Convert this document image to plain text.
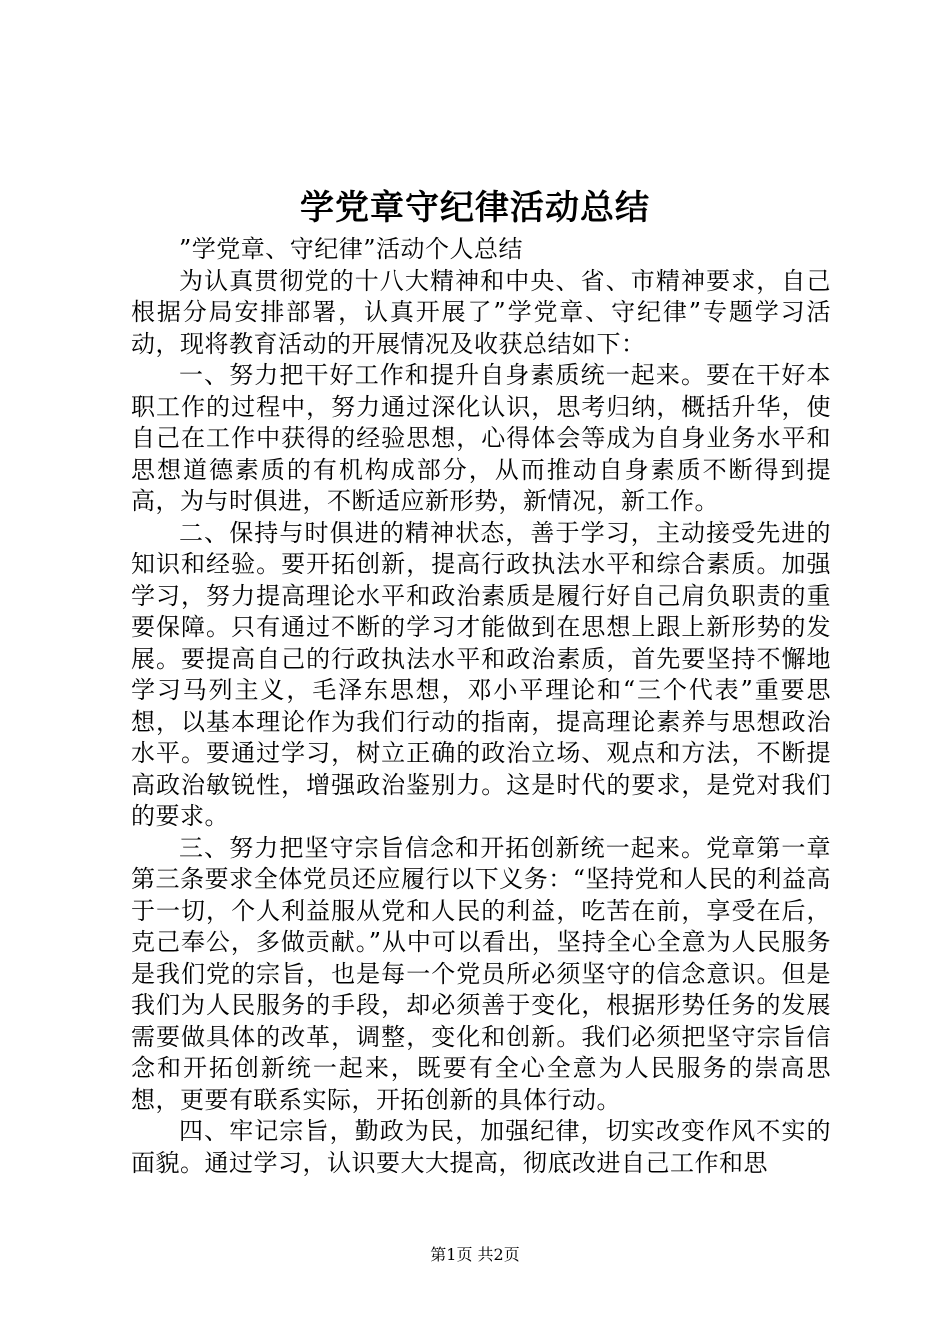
学党章守纪律活动总结

”学党章、守纪律”活动个人总结

为认真贯彻党的十八大精神和中央、省、市精神要求，自己根据分局安排部署，认真开展了”学党章、守纪律”专题学习活动，现将教育活动的开展情况及收获总结如下：

一、努力把干好工作和提升自身素质统一起来。要在干好本职工作的过程中，努力通过深化认识，思考归纳，概括升华，使自己在工作中获得的经验思想，心得体会等成为自身业务水平和思想道德素质的有机构成部分，从而推动自身素质不断得到提高，为与时俱进，不断适应新形势，新情况，新工作。

二、保持与时俱进的精神状态，善于学习，主动接受先进的知识和经验。要开拓创新，提高行政执法水平和综合素质。加强学习，努力提高理论水平和政治素质是履行好自己肩负职责的重要保障。只有通过不断的学习才能做到在思想上跟上新形势的发展。要提高自己的行政执法水平和政治素质，首先要坚持不懈地学习马列主义，毛泽东思想，邓小平理论和“三个代表”重要思想，以基本理论作为我们行动的指南，提高理论素养与思想政治水平。要通过学习，树立正确的政治立场、观点和方法，不断提高政治敏锐性，增强政治鉴别力。这是时代的要求，是党对我们的要求。

三、努力把坚守宗旨信念和开拓创新统一起来。党章第一章第三条要求全体党员还应履行以下义务：“坚持党和人民的利益高于一切，个人利益服从党和人民的利益，吃苦在前，享受在后，克己奉公，多做贡献。”从中可以看出，坚持全心全意为人民服务是我们党的宗旨，也是每一个党员所必须坚守的信念意识。但是我们为人民服务的手段，却必须善于变化，根据形势任务的发展需要做具体的改革，调整，变化和创新。我们必须把坚守宗旨信念和开拓创新统一起来，既要有全心全意为人民服务的崇高思想，更要有联系实际，开拓创新的具体行动。

四、牢记宗旨，勤政为民，加强纪律，切实改变作风不实的面貌。通过学习，认识要大大提高，彻底改进自己工作和思

第1页 共2页
